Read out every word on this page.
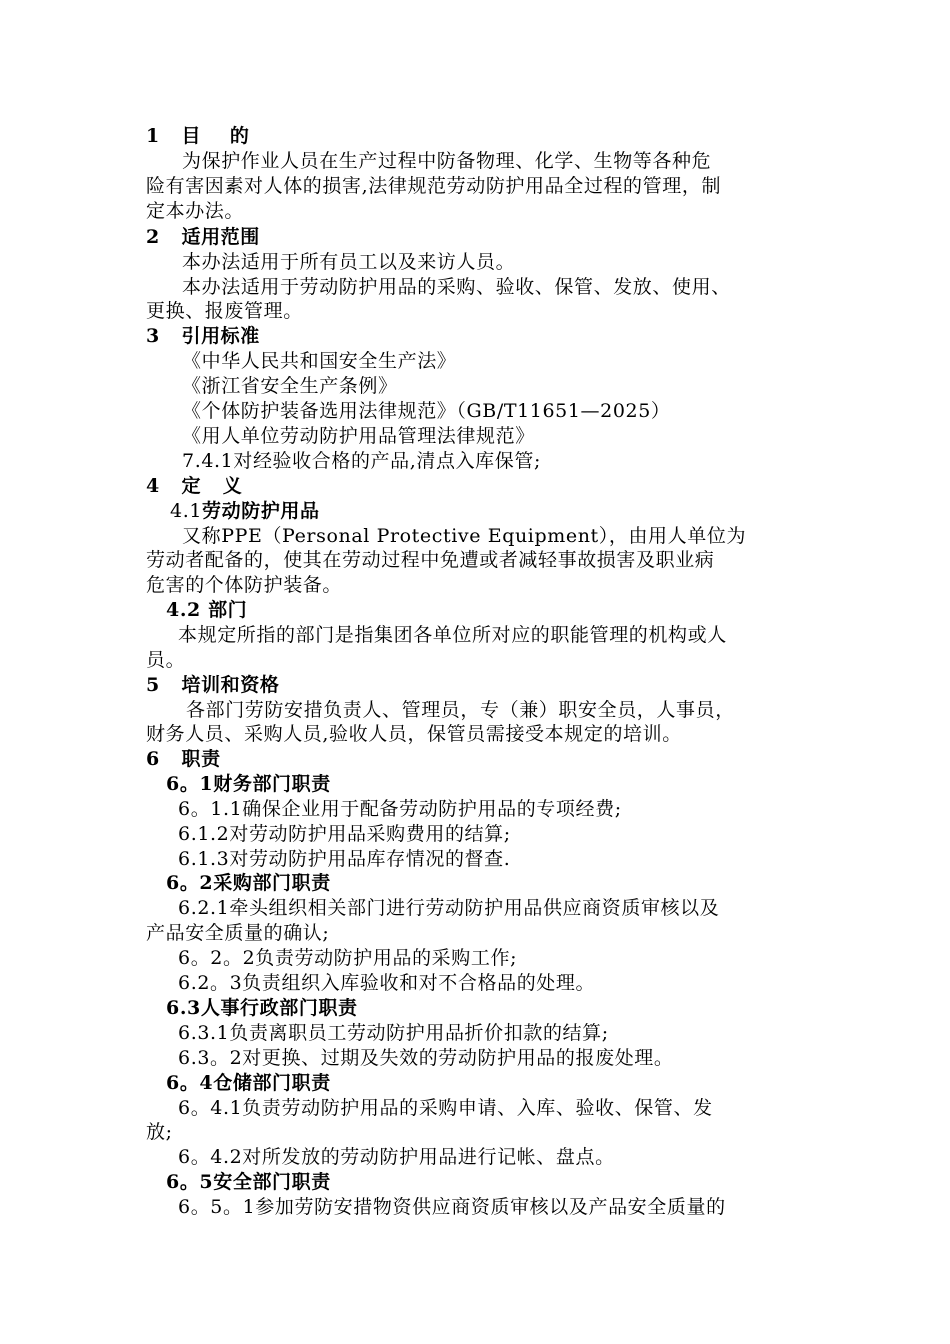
1   目    的
为保护作业人员在生产过程中防备物理、化学、生物等各种危
险有害因素对人体的损害,法律规范劳动防护用品全过程的管理，制
定本办法。
2   适用范围
本办法适用于所有员工以及来访人员。
本办法适用于劳动防护用品的采购、验收、保管、发放、使用、
更换、报废管理。
3   引用标准
《中华人民共和国安全生产法》
《浙江省安全生产条例》
《个体防护装备选用法律规范》（GB/T11651—2025）
《用人单位劳动防护用品管理法律规范》
7.4.1对经验收合格的产品,清点入库保管;
4   定   义
4.1劳动防护用品
又称PPE（Personal Protective Equipment），由用人单位为
劳动者配备的，使其在劳动过程中免遭或者减轻事故损害及职业病
危害的个体防护装备。
4.2 部门
本规定所指的部门是指集团各单位所对应的职能管理的机构或人
员。
5   培训和资格
各部门劳防安措负责人、管理员，专（兼）职安全员，人事员，
财务人员、采购人员,验收人员，保管员需接受本规定的培训。
6   职责
6。1财务部门职责
6。1.1确保企业用于配备劳动防护用品的专项经费;
6.1.2对劳动防护用品采购费用的结算;
6.1.3对劳动防护用品库存情况的督查.
6。2采购部门职责
6.2.1牵头组织相关部门进行劳动防护用品供应商资质审核以及
产品安全质量的确认;
6。2。2负责劳动防护用品的采购工作;
6.2。3负责组织入库验收和对不合格品的处理。
6.3人事行政部门职责
6.3.1负责离职员工劳动防护用品折价扣款的结算;
6.3。2对更换、过期及失效的劳动防护用品的报废处理。
6。4仓储部门职责
6。4.1负责劳动防护用品的采购申请、入库、验收、保管、发
放;
6。4.2对所发放的劳动防护用品进行记帐、盘点。
6。5安全部门职责
6。5。1参加劳防安措物资供应商资质审核以及产品安全质量的
